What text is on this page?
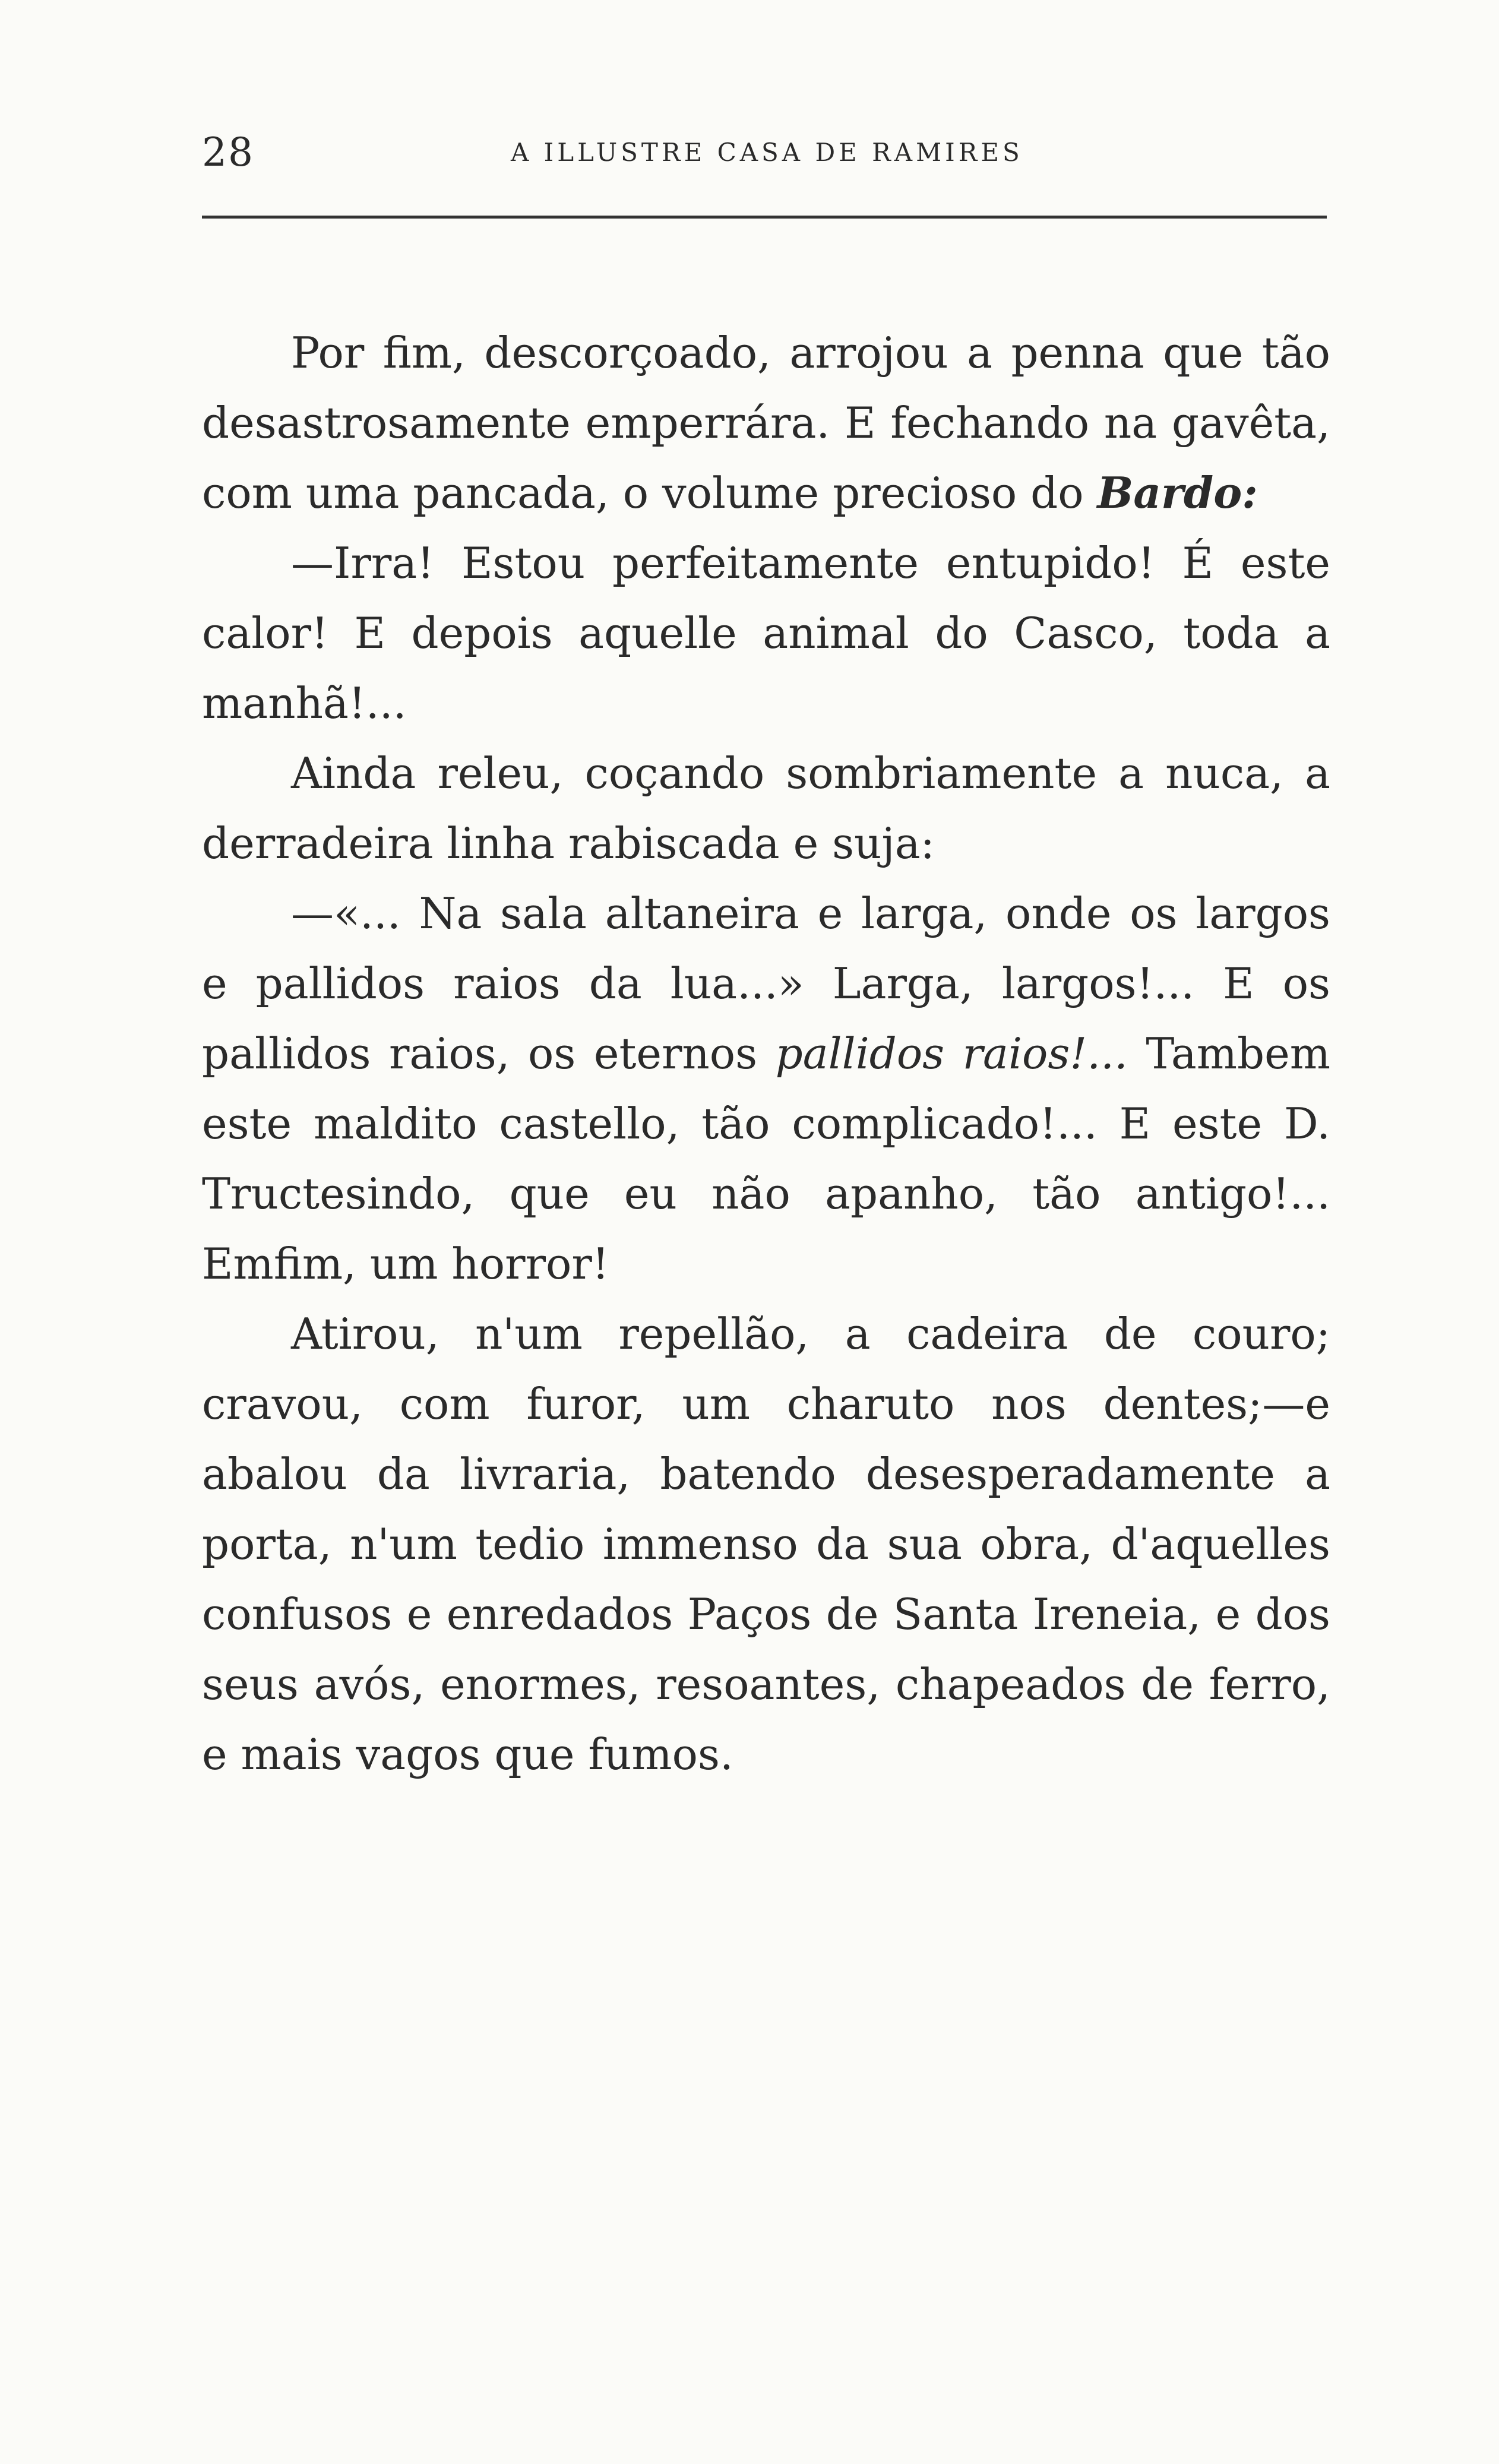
28	A ILLUSTRE CASA DE RAMIRES

Por fim, descorçoado, arrojou a penna que tão desastrosamente emperrára. E fechando na gavêta, com uma pancada, o volume precioso do Bardo:

—Irra! Estou perfeitamente entupido! É este calor! E depois aquelle animal do Casco, toda a manhã!...

Ainda releu, coçando sombriamente a nuca, a derradeira linha rabiscada e suja:

—«... Na sala altaneira e larga, onde os largos e pallidos raios da lua...» Larga, largos!... E os pallidos raios, os eternos pallidos raios!... Tambem este maldito castello, tão complicado!... E este D. Tructesindo, que eu não apanho, tão antigo!... Emfim, um horror!

Atirou, n'um repellão, a cadeira de couro; cravou, com furor, um charuto nos dentes;—e abalou da livraria, batendo desesperadamente a porta, n'um tedio immenso da sua obra, d'aquelles confusos e enredados Paços de Santa Ireneia, e dos seus avós, enormes, resoantes, chapeados de ferro, e mais vagos que fumos.
